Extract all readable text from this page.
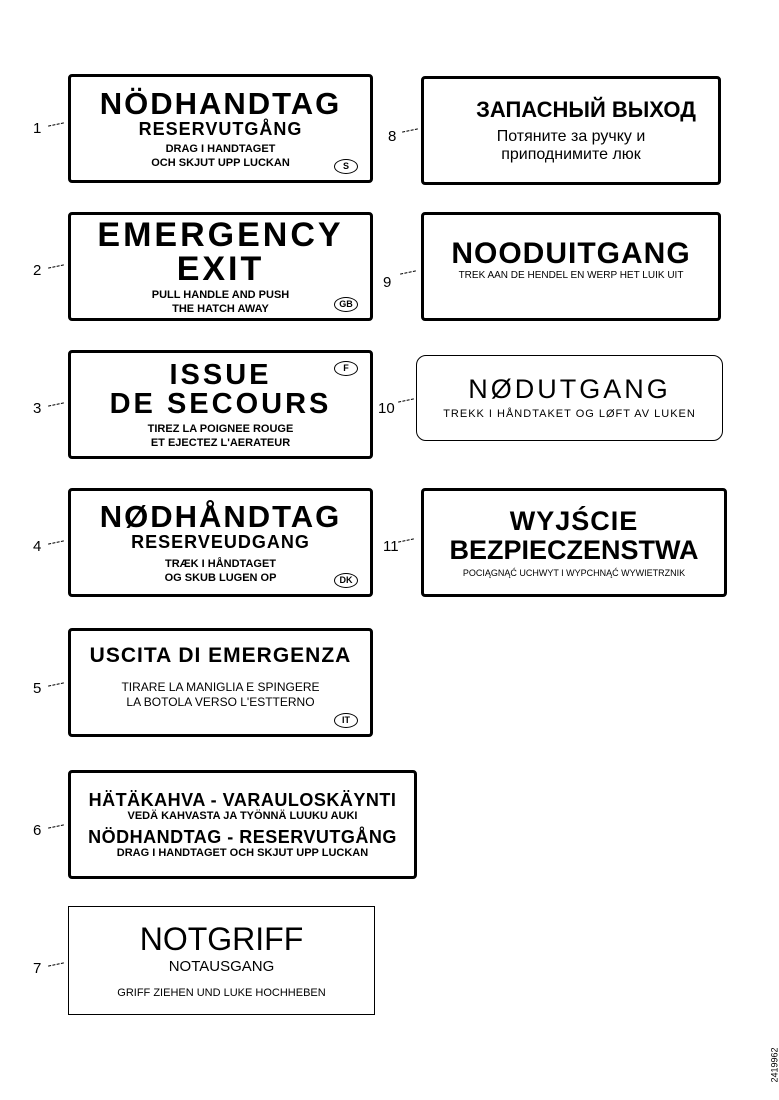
1
NÖDHANDTAG
RESERVUTGÅNG
DRAG I HANDTAGET
OCH SKJUT UPP LUCKAN	S
2
EMERGENCY
EXIT
PULL HANDLE AND PUSH
THE HATCH AWAY	GB
3
ISSUE
DE SECOURS
TIREZ LA POIGNEE ROUGE
ET EJECTEZ L'AERATEUR
F
4
NØDHÅNDTAG
RESERVEUDGANG
TRÆK I HÅNDTAGET
OG SKUB LUGEN OP	DK
5
USCITA DI EMERGENZA
TIRARE LA MANIGLIA E SPINGERE
LA BOTOLA VERSO L'ESTTERNO
IT
6
HÄTÄKAHVA - VARAULOSKÄYNTI
VEDÄ KAHVASTA JA TYÖNNÄ LUUKU AUKI
NÖDHANDTAG - RESERVUTGÅNG
DRAG I HANDTAGET OCH SKJUT UPP LUCKAN
7
NOTGRIFF
NOTAUSGANG
GRIFF ZIEHEN UND LUKE HOCHHEBEN
8
ЗАПАСНЫЙ ВЫХОД
Потяните за ручку и
приподнимите люк
9
NOODUITGANG
TREK AAN DE HENDEL EN WERP HET LUIK UIT
10
NØDUTGANG
TREKK I HÅNDTAKET OG LØFT AV LUKEN
11
WYJŚCIE
BEZPIECZENSTWA
POCIĄGNĄĆ UCHWYT I WYPCHNĄĆ WYWIETRZNIK
2419962
